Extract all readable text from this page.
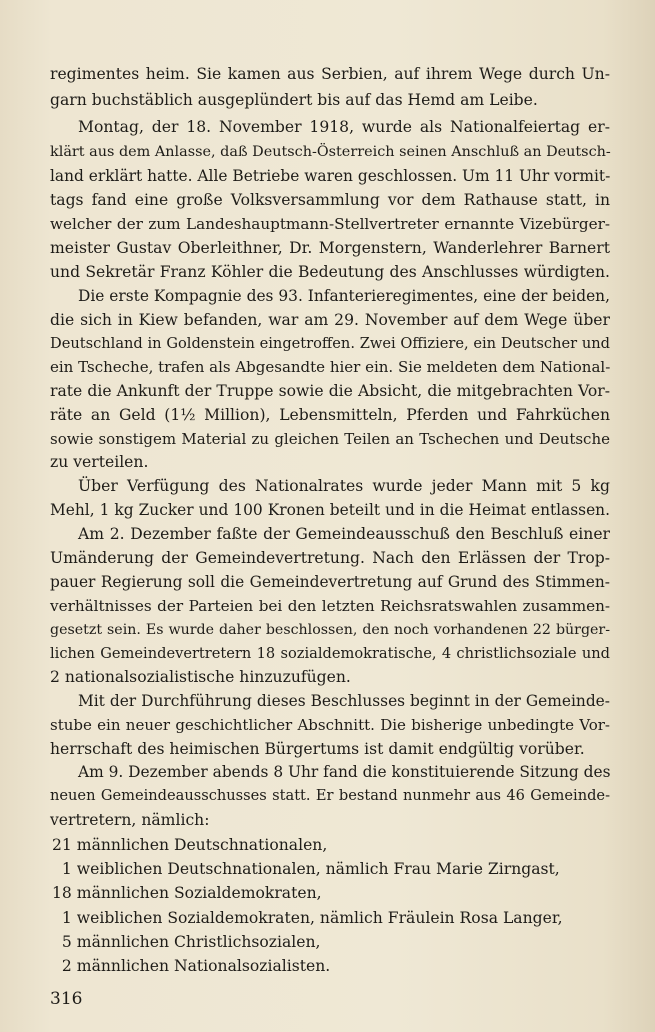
regimentes heim. Sie kamen aus Serbien, auf ihrem Wege durch Un-
garn buchstäblich ausgeplündert bis auf das Hemd am Leibe.
Montag, der 18. November 1918, wurde als Nationalfeiertag er-
klärt aus dem Anlasse, daß Deutsch-Österreich seinen Anschluß an Deutsch-
land erklärt hatte. Alle Betriebe waren geschlossen. Um 11 Uhr vormit-
tags fand eine große Volksversammlung vor dem Rathause statt, in
welcher der zum Landeshauptmann-Stellvertreter ernannte Vizebürger-
meister Gustav Oberleithner, Dr. Morgenstern, Wanderlehrer Barnert
und Sekretär Franz Köhler die Bedeutung des Anschlusses würdigten.
Die erste Kompagnie des 93. Infanterieregimentes, eine der beiden,
die sich in Kiew befanden, war am 29. November auf dem Wege über
Deutschland in Goldenstein eingetroffen. Zwei Offiziere, ein Deutscher und
ein Tscheche, trafen als Abgesandte hier ein. Sie meldeten dem National-
rate die Ankunft der Truppe sowie die Absicht, die mitgebrachten Vor-
räte an Geld (1½ Million), Lebensmitteln, Pferden und Fahrküchen
sowie sonstigem Material zu gleichen Teilen an Tschechen und Deutsche
zu verteilen.
Über Verfügung des Nationalrates wurde jeder Mann mit 5 kg
Mehl, 1 kg Zucker und 100 Kronen beteilt und in die Heimat entlassen.
Am 2. Dezember faßte der Gemeindeausschuß den Beschluß einer
Umänderung der Gemeindevertretung. Nach den Erlässen der Trop-
pauer Regierung soll die Gemeindevertretung auf Grund des Stimmen-
verhältnisses der Parteien bei den letzten Reichsratswahlen zusammen-
gesetzt sein. Es wurde daher beschlossen, den noch vorhandenen 22 bürger-
lichen Gemeindevertretern 18 sozialdemokratische, 4 christlichsoziale und
2 nationalsozialistische hinzuzufügen.
Mit der Durchführung dieses Beschlusses beginnt in der Gemeinde-
stube ein neuer geschichtlicher Abschnitt. Die bisherige unbedingte Vor-
herrschaft des heimischen Bürgertums ist damit endgültig vorüber.
Am 9. Dezember abends 8 Uhr fand die konstituierende Sitzung des
neuen Gemeindeausschusses statt. Er bestand nunmehr aus 46 Gemeinde-
vertretern, nämlich:
21 männlichen Deutschnationalen,
1 weiblichen Deutschnationalen, nämlich Frau Marie Zirngast,
18 männlichen Sozialdemokraten,
1 weiblichen Sozialdemokraten, nämlich Fräulein Rosa Langer,
5 männlichen Christlichsozialen,
2 männlichen Nationalsozialisten.
316
